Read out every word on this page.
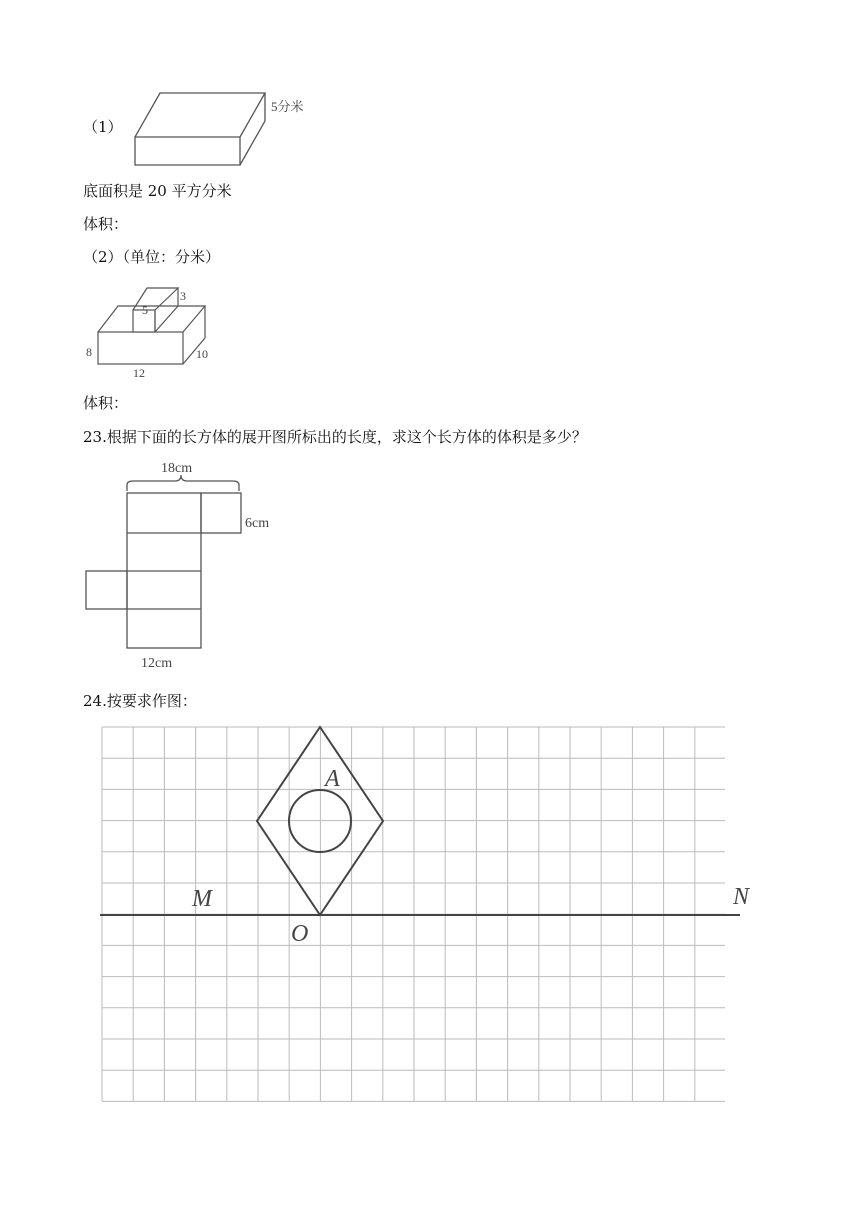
（1）
5分米
底面积是 20 平方分米
体积：
（2）（单位：分米）
5
3
8
12
10
体积：
23.根据下面的长方体的展开图所标出的长度，求这个长方体的体积是多少？
18cm
6cm
12cm
24.按要求作图：
A
M	N
O
